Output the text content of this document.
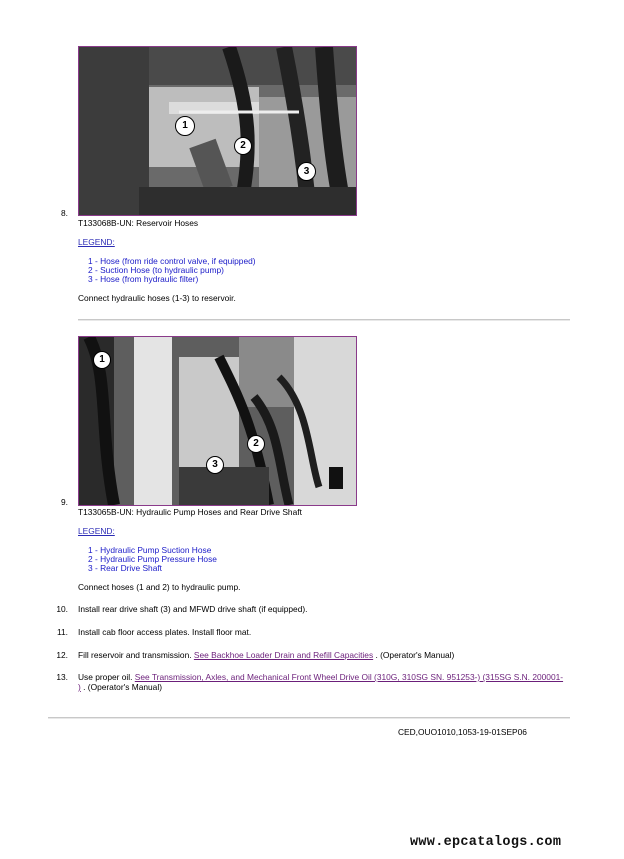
1
2
3
8.
T133068B-UN: Reservoir Hoses
LEGEND:
1 - Hose (from ride control valve, if equipped)
2 - Suction Hose (to hydraulic pump)
3 - Hose (from hydraulic filter)
Connect hydraulic hoses (1-3) to reservoir.
1
2
3
9.
T133065B-UN: Hydraulic Pump Hoses and Rear Drive Shaft
LEGEND:
1 - Hydraulic Pump Suction Hose
2 - Hydraulic Pump Pressure Hose
3 - Rear Drive Shaft
Connect hoses (1 and 2) to hydraulic pump.
10. Install rear drive shaft (3) and MFWD drive shaft (if equipped).
11. Install cab floor access plates. Install floor mat.
12. Fill reservoir and transmission. See Backhoe Loader Drain and Refill Capacities . (Operator's Manual)
13. Use proper oil. See Transmission, Axles, and Mechanical Front Wheel Drive Oil (310G, 310SG SN. 951253-) (315SG S.N. 200001-
) . (Operator's Manual)
CED,OUO1010,1053-19-01SEP06
www.epcatalogs.com
